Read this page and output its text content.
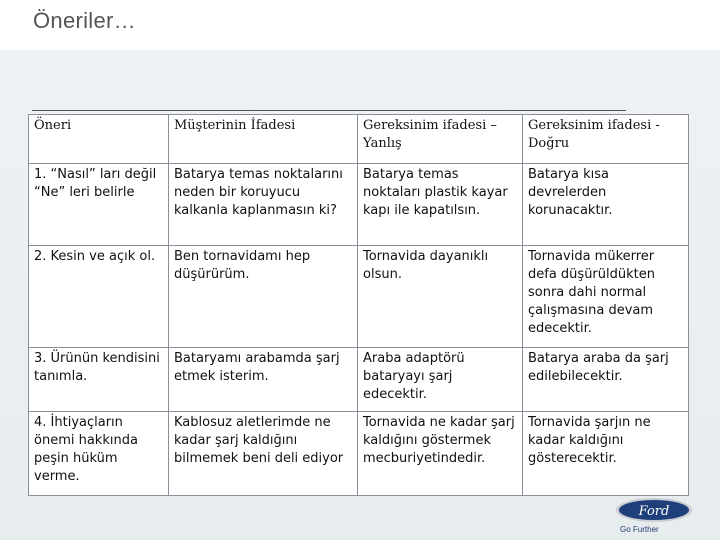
Öneriler…
Öneri	Müşterinin İfadesi	Gereksinim ifadesi – Yanlış	Gereksinim ifadesi - Doğru
1. “Nasıl” ları değil “Ne” leri belirle	Batarya temas noktalarını neden bir koruyucu kalkanla kaplanmasın ki?	Batarya temas noktaları plastik kayar kapı ile kapatılsın.	Batarya kısa devrelerden korunacaktır.
2. Kesin ve açık ol.	Ben tornavidamı hep düşürürüm.	Tornavida dayanıklı olsun.	Tornavida mükerrer defa düşürüldükten sonra dahi normal çalışmasına devam edecektir.
3. Ürünün kendisini tanımla.	Bataryamı arabamda şarj etmek isterim.	Araba adaptörü bataryayı şarj edecektir.	Batarya araba da şarj edilebilecektir.
4. İhtiyaçların önemi hakkında peşin hüküm verme.	Kablosuz aletlerimde ne kadar şarj kaldığını bilmemek beni deli ediyor	Tornavida ne kadar şarj kaldığını göstermek mecburiyetindedir.	Tornavida şarjın ne kadar kaldığını gösterecektir.
Ford
Go Further
